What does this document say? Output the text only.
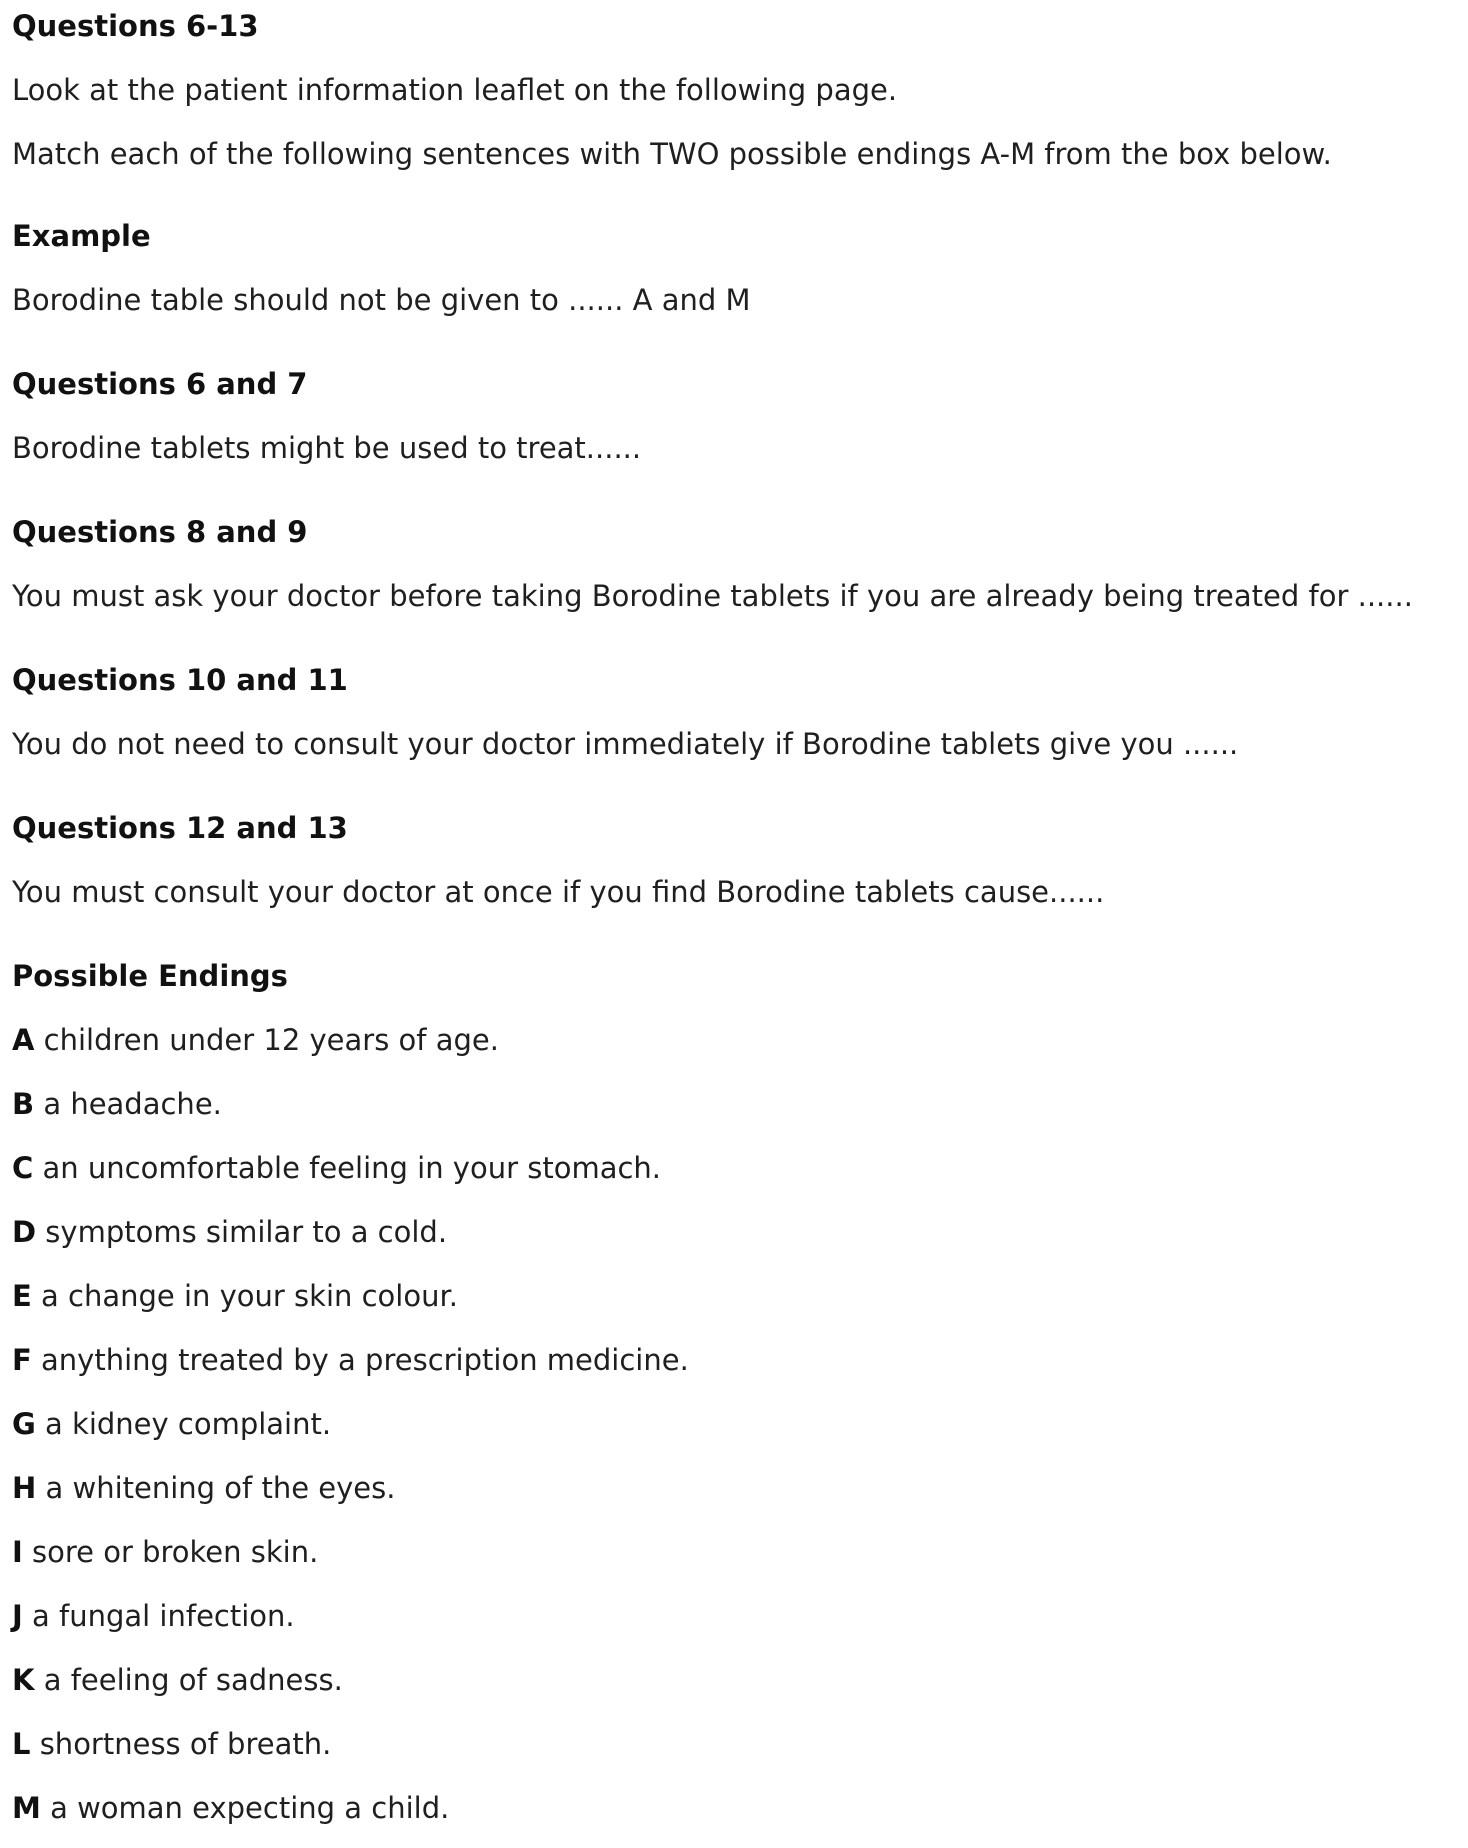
Questions 6-13
Look at the patient information leaflet on the following page.
Match each of the following sentences with TWO possible endings A-M from the box below.
Example
Borodine table should not be given to ...... A and M
Questions 6 and 7
Borodine tablets might be used to treat......
Questions 8 and 9
You must ask your doctor before taking Borodine tablets if you are already being treated for ......
Questions 10 and 11
You do not need to consult your doctor immediately if Borodine tablets give you ......
Questions 12 and 13
You must consult your doctor at once if you find Borodine tablets cause......
Possible Endings
A children under 12 years of age.
B a headache.
C an uncomfortable feeling in your stomach.
D symptoms similar to a cold.
E a change in your skin colour.
F anything treated by a prescription medicine.
G a kidney complaint.
H a whitening of the eyes.
I sore or broken skin.
J a fungal infection.
K a feeling of sadness.
L shortness of breath.
M a woman expecting a child.
